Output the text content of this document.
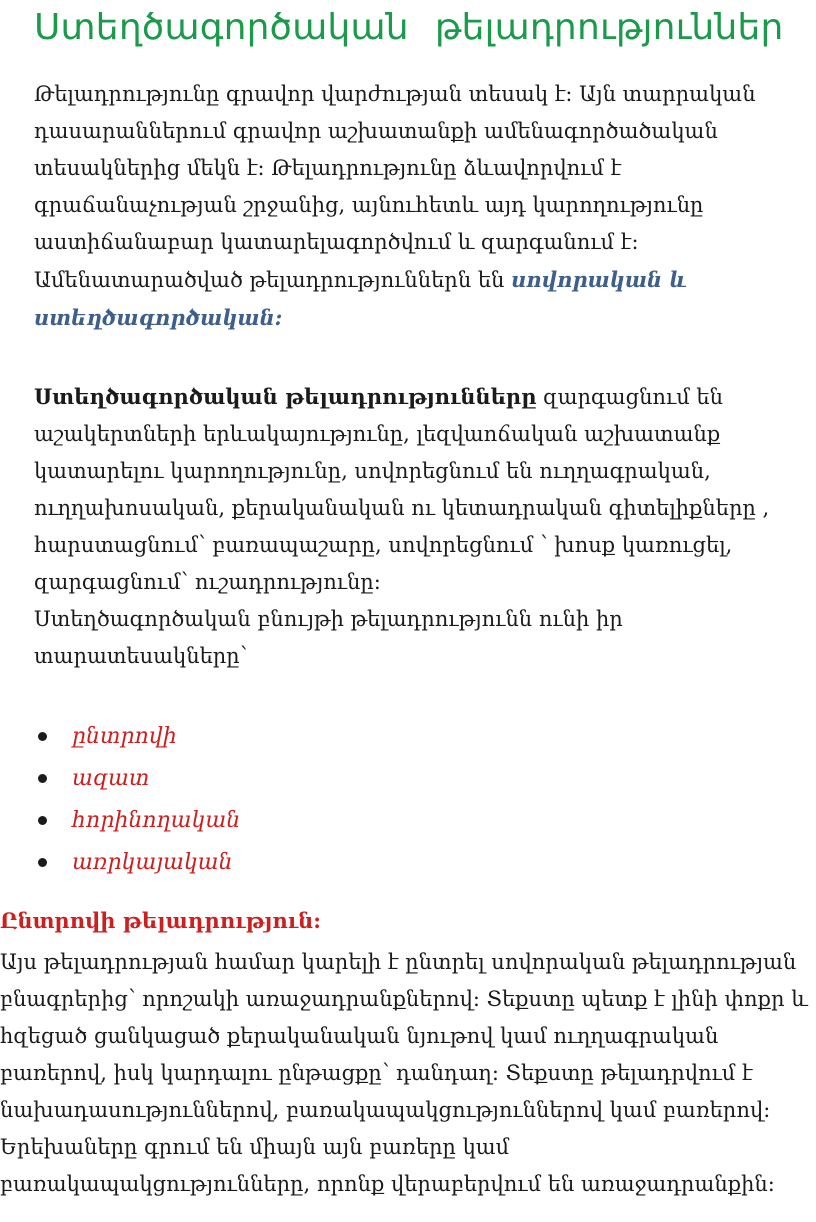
Ստեղծագործական թելադրություններ
Թելադրությունը գրավոր վարժության տեսակ է: Այն տարրական
դասարաններում գրավոր աշխատանքի ամենագործածական
տեսակներից մեկն է: Թելադրությունը ձևավորվում է
գրաճանաչության շրջանից, այնուհետև այդ կարողությունը
աստիճանաբար կատարելագործվում և զարգանում է:
Ամենատարածված թելադրություններն են սովորական և
ստեղծագործական:
Ստեղծագործական թելադրությունները զարգացնում են
աշակերտների երևակայությունը, լեզվաոճական աշխատանք
կատարելու կարողությունը, սովորեցնում են ուղղագրական,
ուղղախոսական, քերականական ու կետադրական գիտելիքները ,
հարստացնում՝ բառապաշարը, սովորեցնում ՝ խոսք կառուցել,
զարգացնում՝ ուշադրությունը:
Ստեղծագործական բնույթի թելադրությունն ունի իր
տարատեսակները՝
ընտրովի
ազատ
հորինողական
առրկայական
Ընտրովի թելադրություն:
Այս թելադրության համար կարելի է ընտրել սովորական թելադրության
բնագրերից՝ որոշակի առաջադրանքներով: Տեքստը պետք է լինի փոքր և
հզեցած ցանկացած քերականական նյութով կամ ուղղագրական
բառերով, իսկ կարդալու ընթացքը՝ դանդաղ: Տեքստը թելադրվում է
նախադասություններով, բառակապակցություններով կամ բառերով:
Երեխաները գրում են միայն այն բառերը կամ
բառակապակցությունները, որոնք վերաբերվում են առաջադրանքին:
